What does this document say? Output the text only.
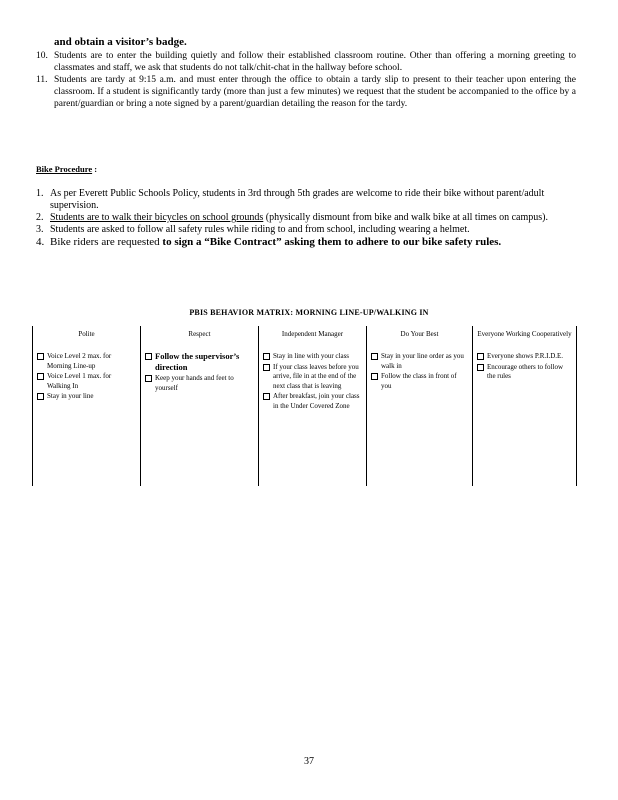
and obtain a visitor’s badge.
10. Students are to enter the building quietly and follow their established classroom routine. Other than offering a morning greeting to classmates and staff, we ask that students do not talk/chit-chat in the hallway before school.
11. Students are tardy at 9:15 a.m. and must enter through the office to obtain a tardy slip to present to their teacher upon entering the classroom. If a student is significantly tardy (more than just a few minutes) we request that the student be accompanied to the office by a parent/guardian or bring a note signed by a parent/guardian detailing the reason for the tardy.
Bike Procedure :
1. As per Everett Public Schools Policy, students in 3rd through 5th grades are welcome to ride their bike without parent/adult supervision.
2. Students are to walk their bicycles on school grounds (physically dismount from bike and walk bike at all times on campus).
3. Students are asked to follow all safety rules while riding to and from school, including wearing a helmet.
4. Bike riders are requested to sign a “Bike Contract” asking them to adhere to our bike safety rules.
PBIS BEHAVIOR MATRIX: MORNING LINE-UP/WALKING IN
Polite
Voice Level 2 max. for Morning Line-up
Voice Level 1 max. for Walking In
Stay in your line
Respect
Follow the supervisor’s direction
Keep your hands and feet to yourself
Independent Manager
Stay in line with your class
If your class leaves before you arrive, file in at the end of the next class that is leaving
After breakfast, join your class in the Under Covered Zone
Do Your Best
Stay in your line order as you walk in
Follow the class in front of you
Everyone Working Cooperatively
Everyone shows P.R.I.D.E.
Encourage others to follow the rules
37
